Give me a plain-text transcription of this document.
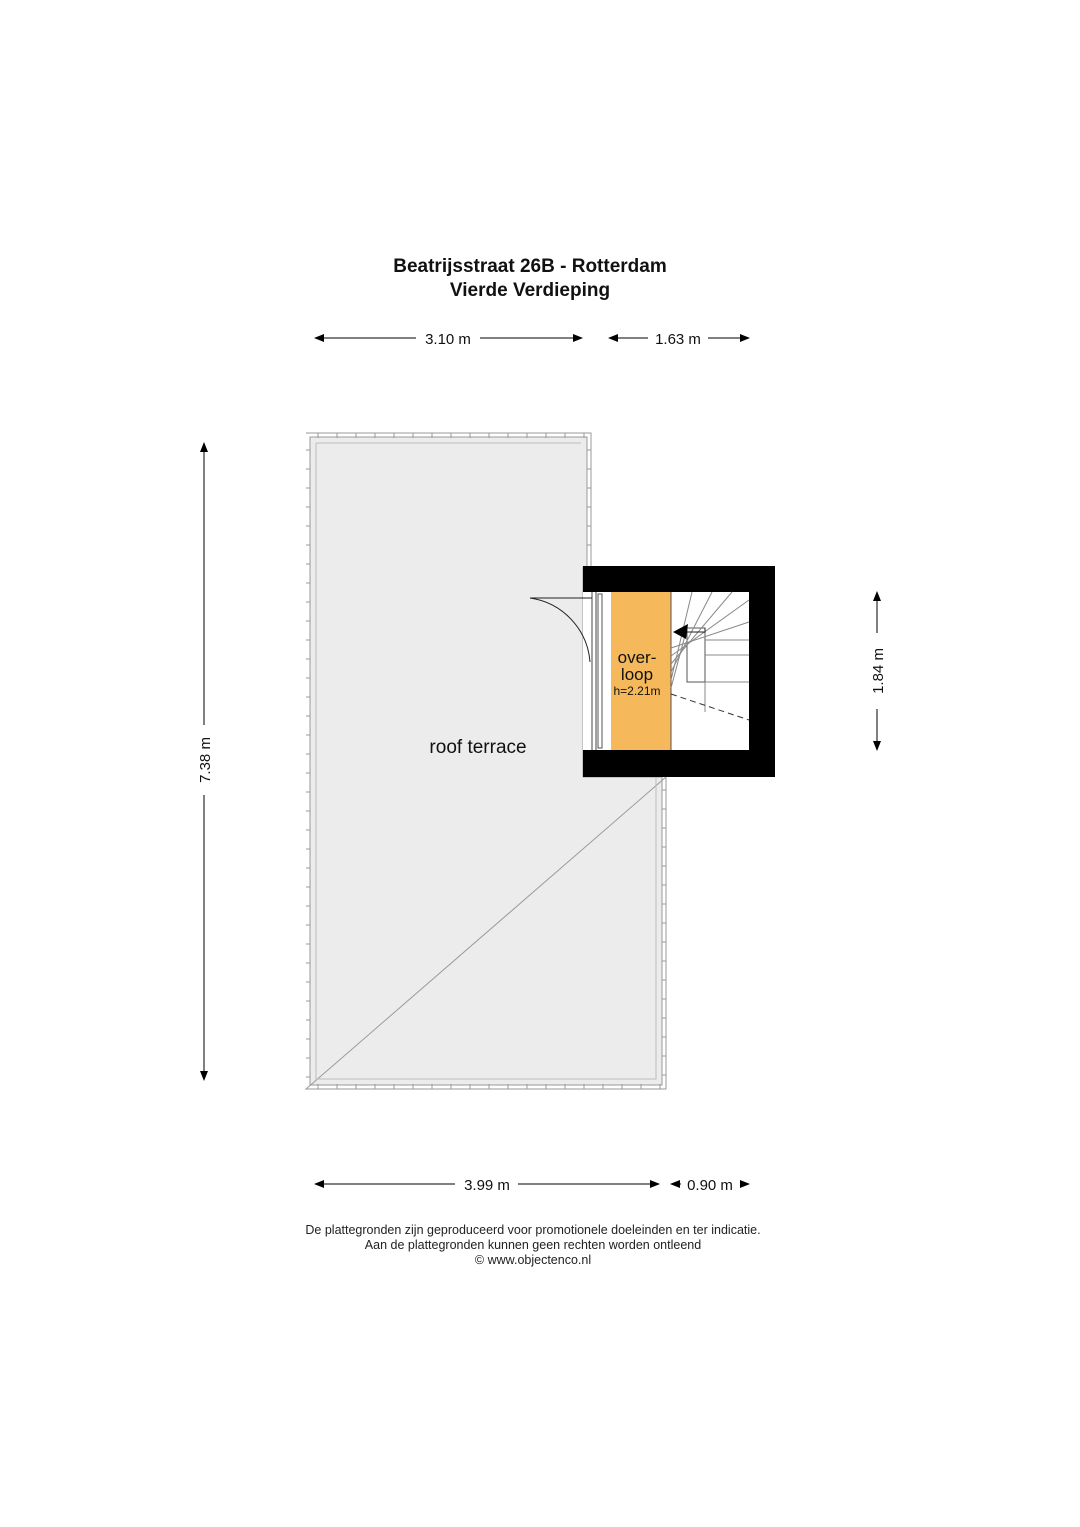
Beatrijsstraat 26B - Rotterdam
Vierde Verdieping
roof terrace
over-
loop
h=2.21m
3.10 m	1.63 m
3.99 m	0.90 m
7.38 m
1.84 m
De plattegronden zijn geproduceerd voor promotionele doeleinden en ter indicatie.
Aan de plattegronden kunnen geen rechten worden ontleend
© www.objectenco.nl
